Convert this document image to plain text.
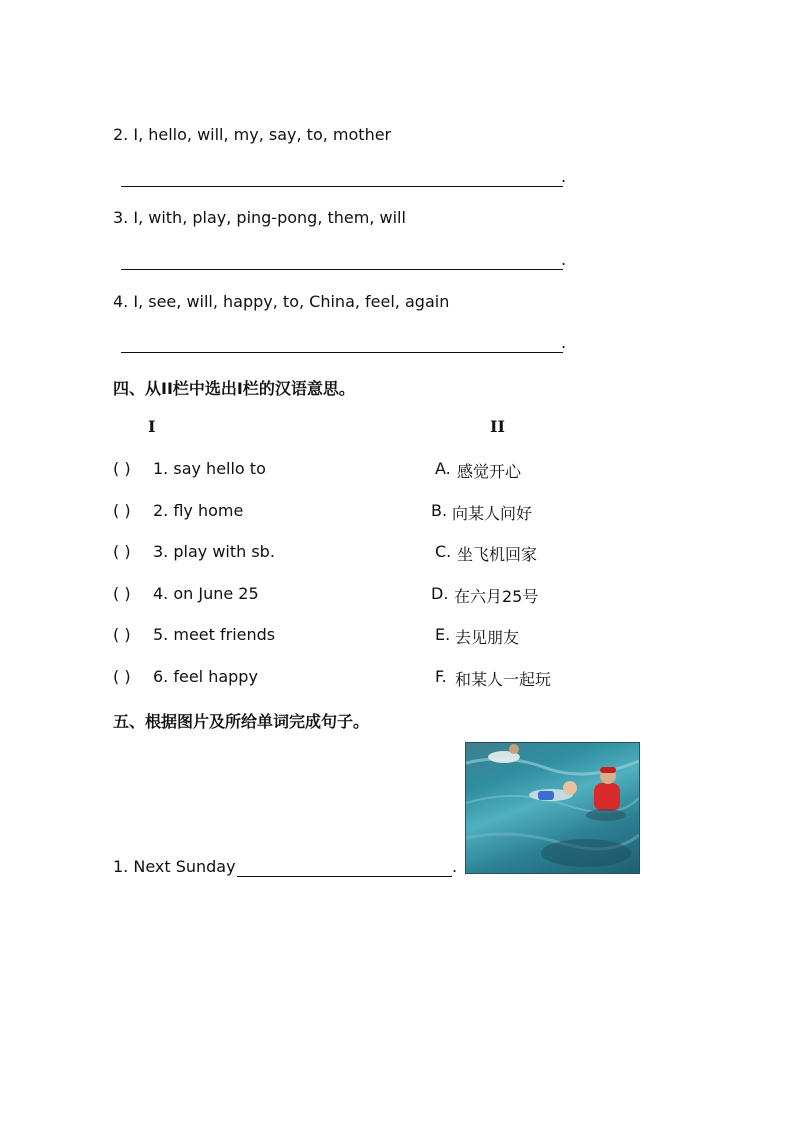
2. I, hello, will, my, say, to, mother
.
3. I, with, play, ping-pong, them, will
.
4. I, see, will, happy, to, China, feel, again
.
四、从II栏中选出I栏的汉语意思。
I	II
( ) 1. say hello to	A. 感觉开心
( ) 2. fly home	B. 向某人问好
( ) 3. play with sb.	C. 坐飞机回家
( ) 4. on June 25	D. 在六月25号
( ) 5. meet friends	E. 去见朋友
( ) 6. feel happy	F. 和某人一起玩
五、根据图片及所给单词完成句子。
1. Next Sunday	.
